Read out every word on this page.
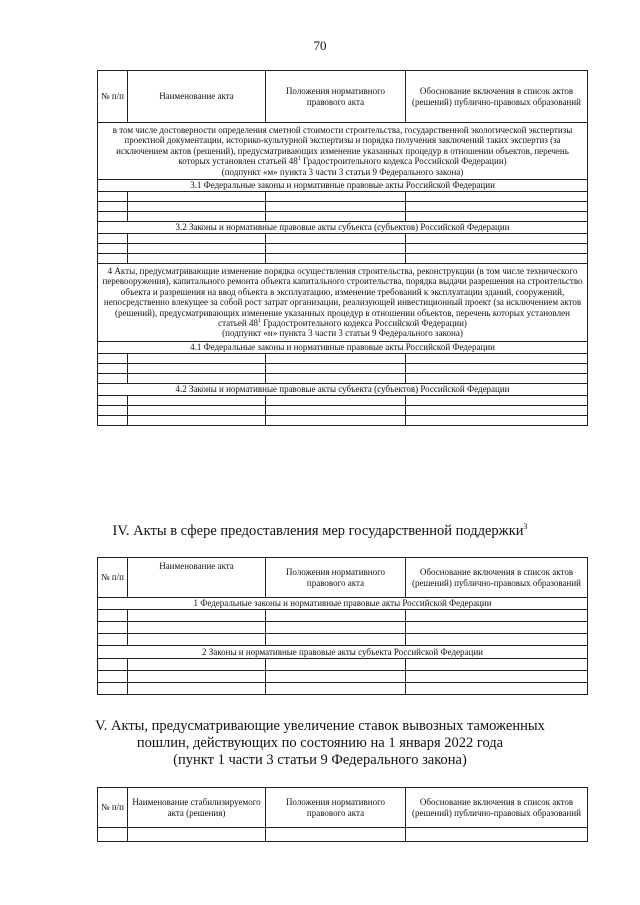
70
№ п/п	Наименование акта	Положения нормативного правового акта	Обоснование включения в список актов (решений) публично-правовых образований
в том числе достоверности определения сметной стоимости строительства, государственной экологической экспертизы проектной документации, историко-культурной экспертизы и порядка получения заключений таких экспертиз (за исключением актов (решений), предусматривающих изменение указанных процедур в отношении объектов, перечень которых установлен статьей $48^1$ Градостроительного кодекса Российской Федерации)
(подпункт «м» пункта 3 части 3 статьи 9 Федерального закона)			
3.1 Федеральные законы и нормативные правовые акты Российской Федерации			

3.2 Законы и нормативные правовые акты субъекта (субъектов) Российской Федерации			

4 Акты, предусматривающие изменение порядка осуществления строительства, реконструкции (в том числе технического перевооружения), капитального ремонта объекта капитального строительства, порядка выдачи разрешения на строительство объекта и разрешения на ввод объекта в эксплуатацию, изменение требований к эксплуатации зданий, сооружений, непосредственно влекущее за собой рост затрат организации, реализующей инвестиционный проект (за исключением актов (решений), предусматривающих изменение указанных процедур в отношении объектов, перечень которых установлен статьей $48^1$ Градостроительного кодекса Российской Федерации)
(подпункт «н» пункта 3 части 3 статьи 9 Федерального закона)			
4.1 Федеральные законы и нормативные правовые акты Российской Федерации			

4.2 Законы и нормативные правовые акты субъекта (субъектов) Российской Федерации			

IV. Акты в сфере предоставления мер государственной поддержки$^3$
№ п/п	Наименование акта	Положения нормативного правового акта	Обоснование включения в список актов (решений) публично-правовых образований
1 Федеральные законы и нормативные правовые акты Российской Федерации			

2 Законы и нормативные правовые акты субъекта Российской Федерации			

V. Акты, предусматривающие увеличение ставок вывозных таможенных
пошлин, действующих по состоянию на 1 января 2022 года
(пункт 1 части 3 статьи 9 Федерального закона)
№ п/п	Наименование стабилизируемого акта (решения)	Положения нормативного правового акта	Обоснование включения в список актов (решений) публично-правовых образований
